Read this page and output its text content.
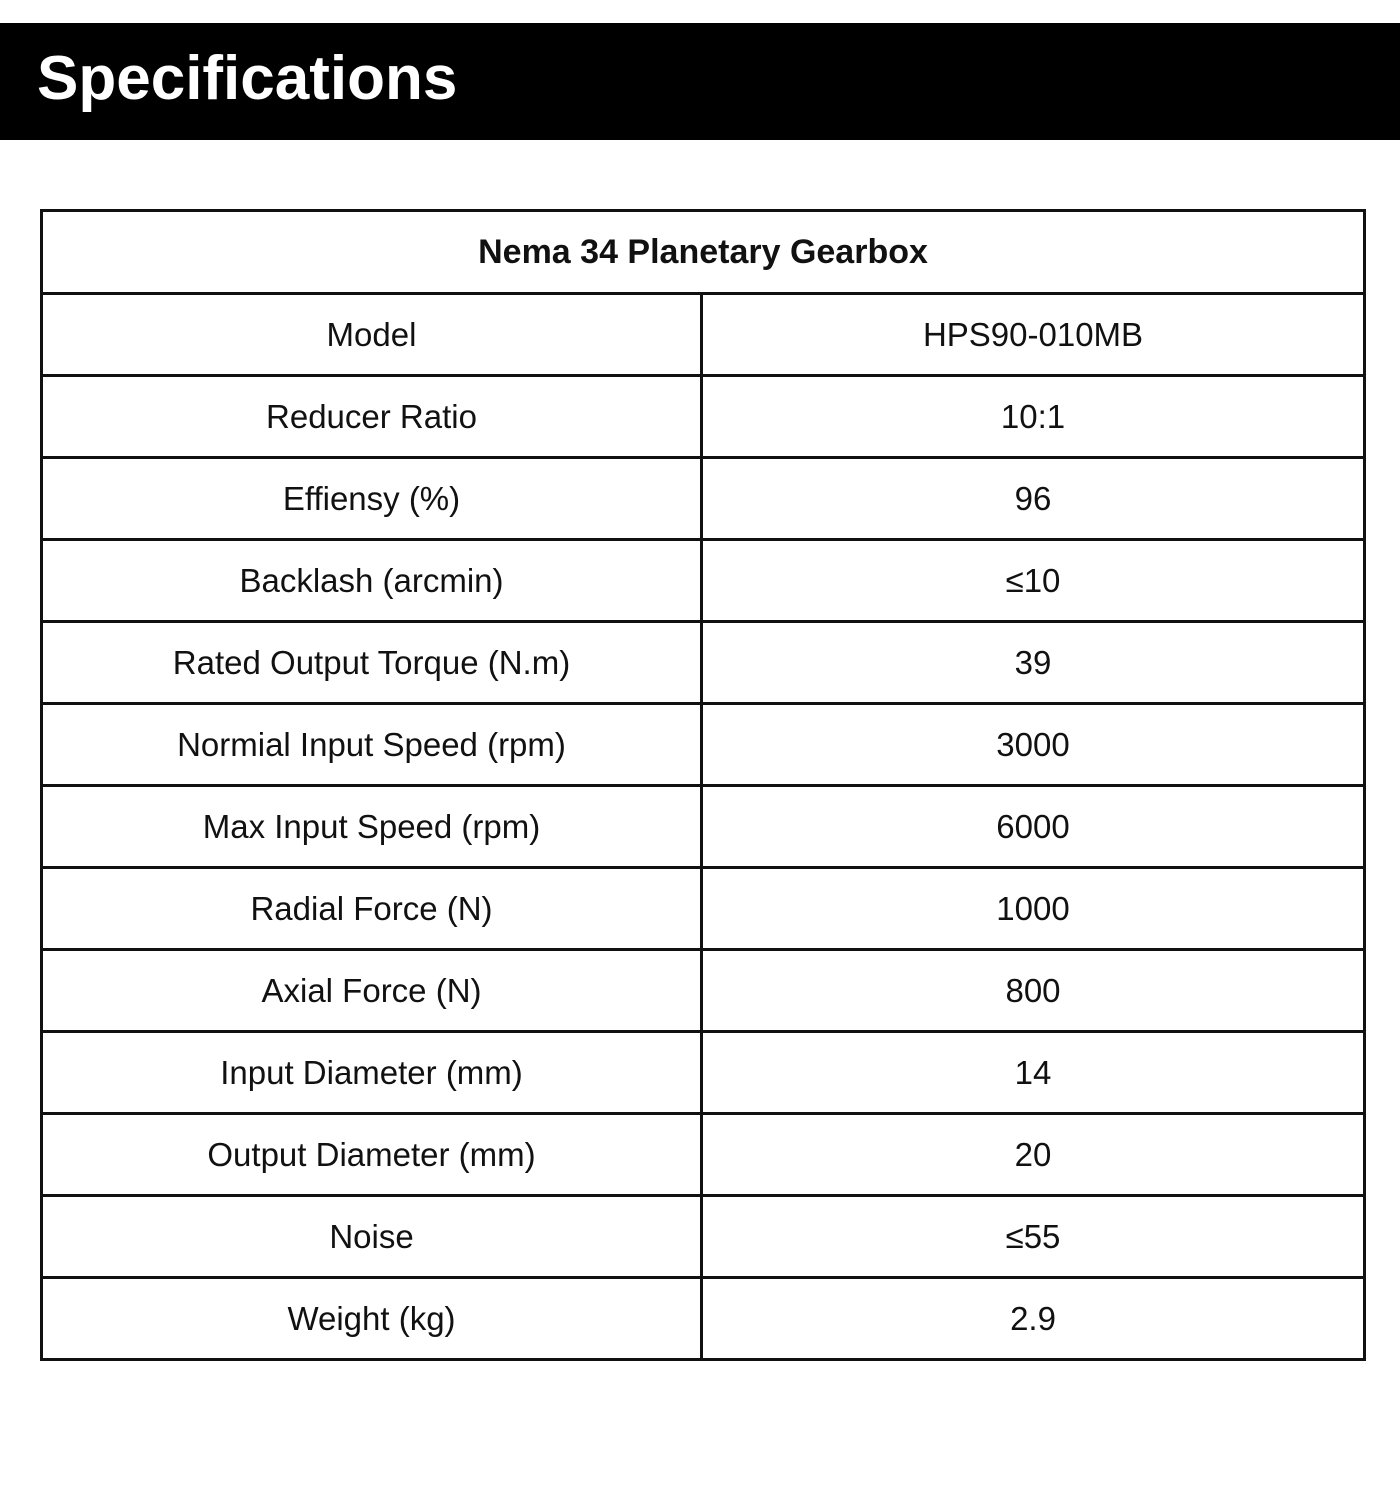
Specifications
Nema 34 Planetary Gearbox	
Model	HPS90-010MB
Reducer Ratio	10:1
Effiensy (%)	96
Backlash (arcmin)	≤10
Rated Output Torque (N.m)	39
Normial Input Speed (rpm)	3000
Max Input Speed (rpm)	6000
Radial Force (N)	1000
Axial Force (N)	800
Input Diameter (mm)	14
Output Diameter (mm)	20
Noise	≤55
Weight (kg)	2.9
